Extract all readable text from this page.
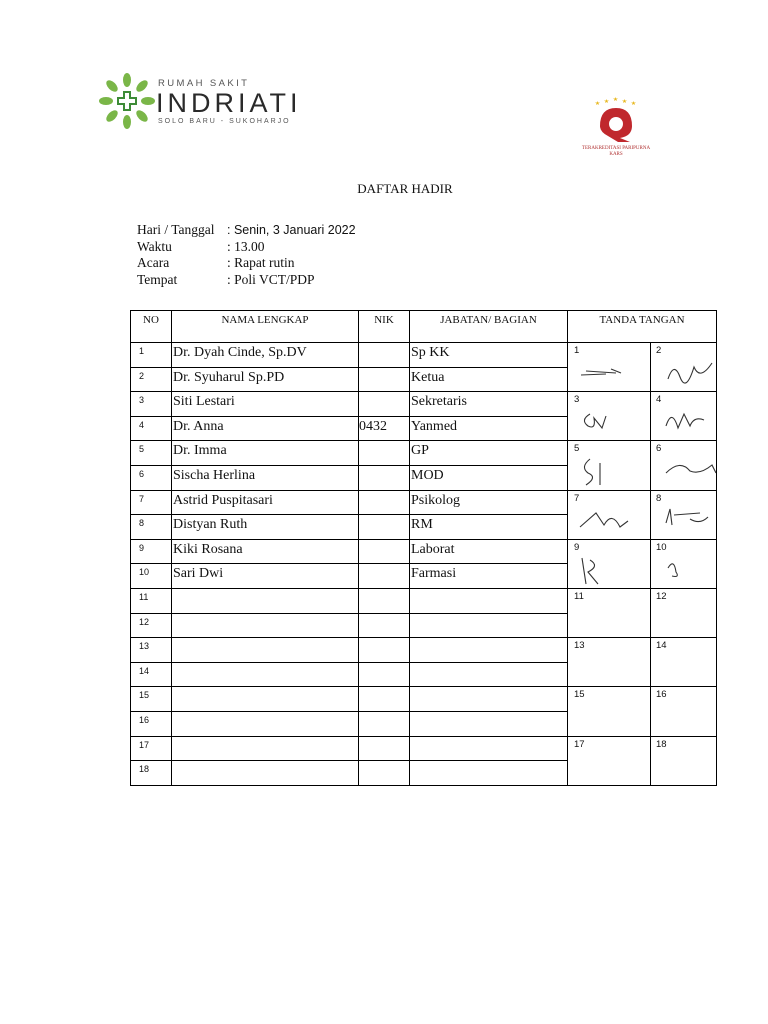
RUMAH SAKIT
INDRIATI
SOLO BARU - SUKOHARJO
TERAKREDITASI PARIPURNA KARS
DAFTAR HADIR
Hari / Tanggal : Senin, 3 Januari 2022
Waktu	: 13.00
Acara	: Rapat rutin
Tempat	: Poli VCT/PDP
NO	NAMA LENGKAP	NIK	JABATAN/ BAGIAN	TANDA TANGAN
1	Dr. Dyah Cinde, Sp.DV		Sp KK	1 2

2	Dr. Syuharul Sp.PD		Ketua	
3	Siti Lestari		Sekretaris	3 4

4	Dr. Anna	0432	Yanmed	
5	Dr. Imma		GP	5 6

6	Sischa Herlina		MOD	
7	Astrid Puspitasari		Psikolog	7 8

8	Distyan Ruth		RM	
9	Kiki Rosana		Laborat	9 10

10	Sari Dwi		Farmasi	
11				11 12

12				
13				13 14

14				
15				15 16

16				
17				17 18

18				
